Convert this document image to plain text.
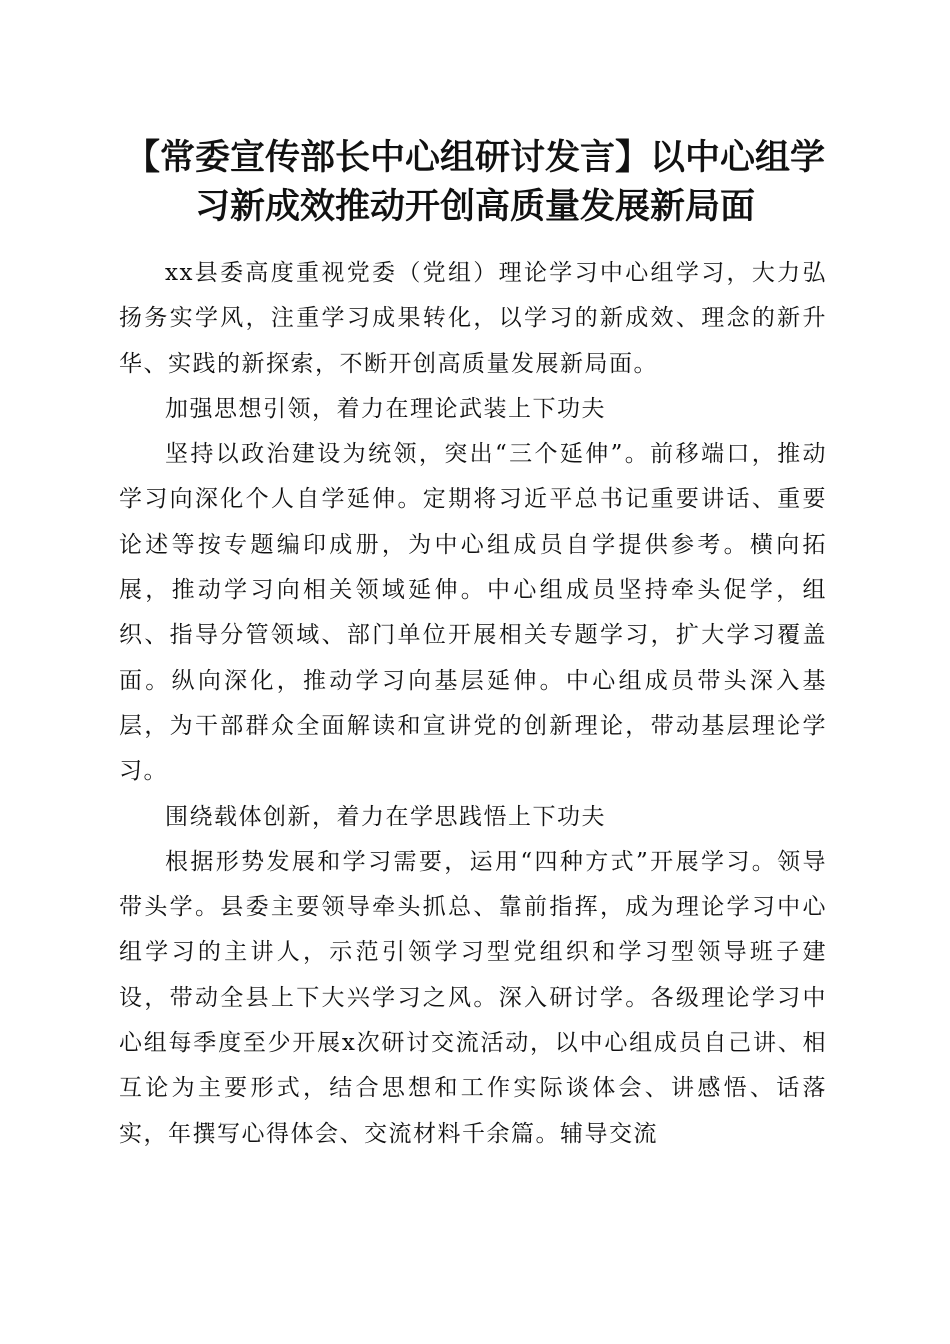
【常委宣传部长中心组研讨发言】以中心组学
习新成效推动开创高质量发展新局面

xx县委高度重视党委（党组）理论学习中心组学习，大力弘扬务实学风，注重学习成果转化，以学习的新成效、理念的新升华、实践的新探索，不断开创高质量发展新局面。

加强思想引领，着力在理论武装上下功夫

坚持以政治建设为统领，突出“三个延伸”。前移端口，推动学习向深化个人自学延伸。定期将习近平总书记重要讲话、重要论述等按专题编印成册，为中心组成员自学提供参考。横向拓展，推动学习向相关领域延伸。中心组成员坚持牵头促学，组织、指导分管领域、部门单位开展相关专题学习，扩大学习覆盖面。纵向深化，推动学习向基层延伸。中心组成员带头深入基层，为干部群众全面解读和宣讲党的创新理论，带动基层理论学习。

围绕载体创新，着力在学思践悟上下功夫

根据形势发展和学习需要，运用“四种方式”开展学习。领导带头学。县委主要领导牵头抓总、靠前指挥，成为理论学习中心组学习的主讲人，示范引领学习型党组织和学习型领导班子建设，带动全县上下大兴学习之风。深入研讨学。各级理论学习中心组每季度至少开展x次研讨交流活动，以中心组成员自己讲、相互论为主要形式，结合思想和工作实际谈体会、讲感悟、话落实，年撰写心得体会、交流材料千余篇。辅导交流
